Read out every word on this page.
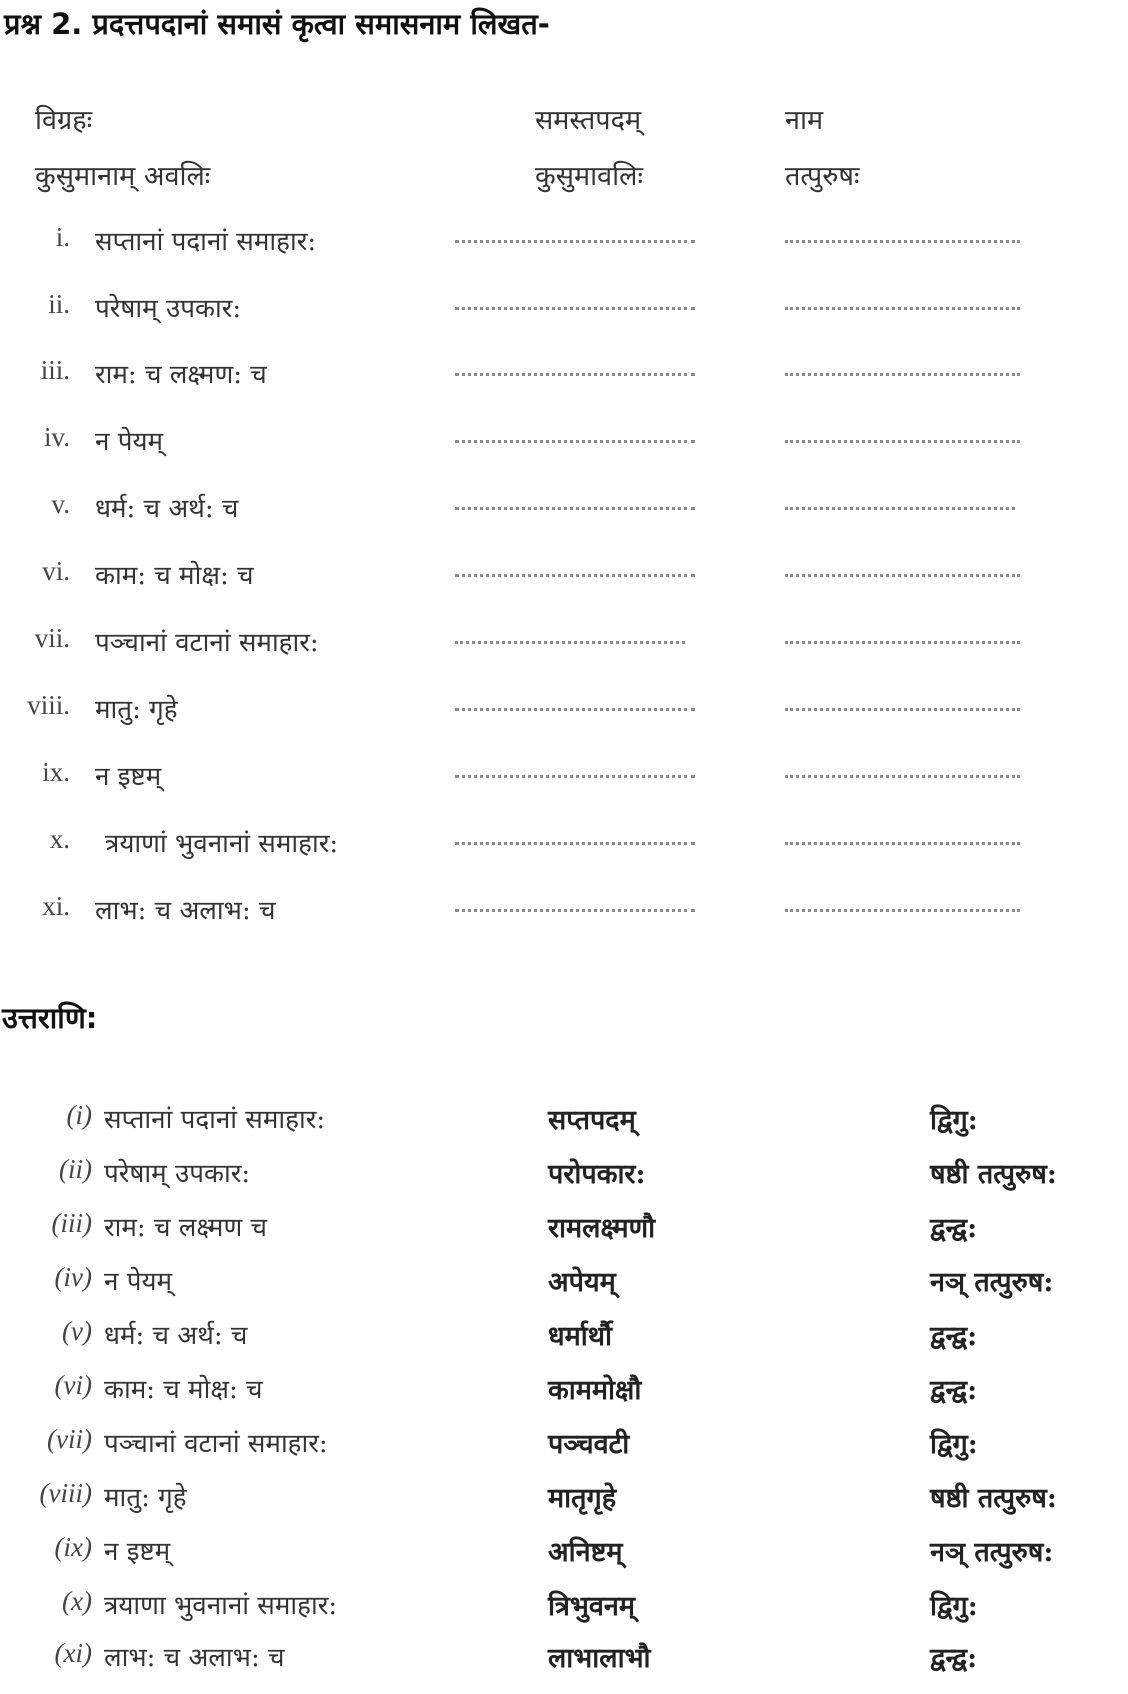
प्रश्न 2. प्रदत्तपदानां समासं कृत्वा समासनाम लिखत-
विग्रहः	समस्तपदम्	नाम
कुसुमानाम् अवलिः	कुसुमावलिः	तत्पुरुषः
i. सप्तानां पदानां समाहार:
ii. परेषाम् उपकार:
iii. राम: च लक्ष्मण: च
iv. न पेयम्
v. धर्म: च अर्थ: च
vi. काम: च मोक्ष: च
vii. पञ्चानां वटानां समाहार:
viii. मातु: गृहे
ix. न इष्टम्
x. त्रयाणां भुवनानां समाहार:
xi. लाभ: च अलाभ: च
उत्तराणि:
(i) सप्तानां पदानां समाहार:	सप्तपदम्	द्विगु:
(ii) परेषाम् उपकार:	परोपकार:	षष्ठी तत्पुरुष:
(iii) राम: च लक्ष्मण च	रामलक्ष्मणौ	द्वन्द्व:
(iv) न पेयम्	अपेयम्	नञ् तत्पुरुष:
(v) धर्म: च अर्थ: च	धर्मार्थौ	द्वन्द्व:
(vi) काम: च मोक्ष: च	काममोक्षौ	द्वन्द्व:
(vii) पञ्चानां वटानां समाहार:	पञ्चवटी	द्विगु:
(viii) मातु: गृहे	मातृगृहे	षष्ठी तत्पुरुष:
(ix) न इष्टम्	अनिष्टम्	नञ् तत्पुरुष:
(x) त्रयाणा भुवनानां समाहार:	त्रिभुवनम्	द्विगु:
(xi) लाभ: च अलाभ: च	लाभालाभौ	द्वन्द्व:
